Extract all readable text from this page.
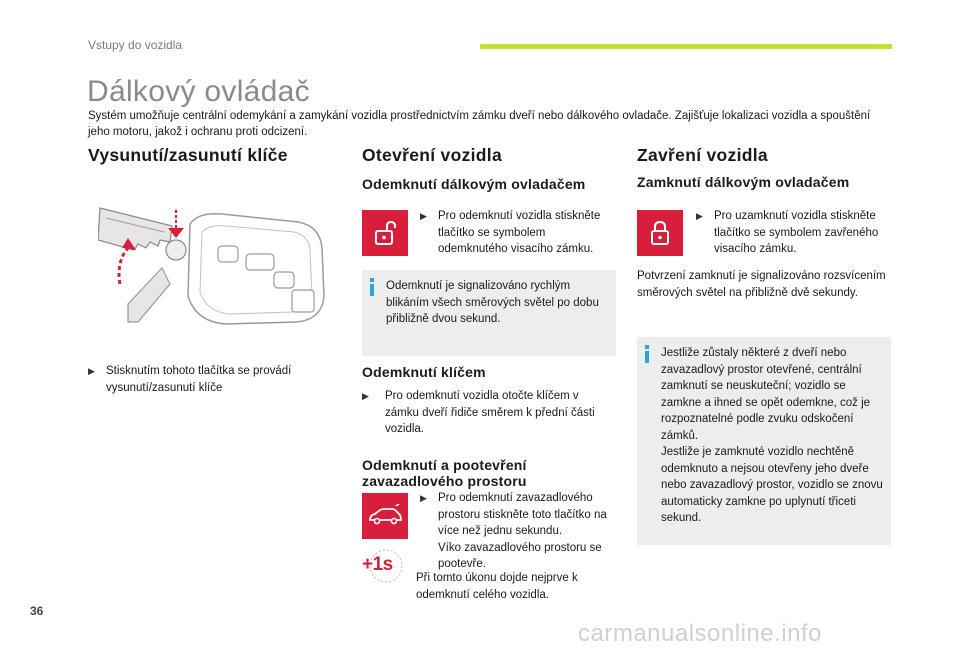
Vstupy do vozidla
Dálkový ovládač
Systém umožňuje centrální odemykání a zamykání vozidla prostřednictvím zámku dveří nebo dálkového ovladače. Zajišťuje lokalizaci vozidla a spouštění jeho motoru, jakož i ochranu proti odcizení.
Vysunutí/zasunutí klíče
▶ Stisknutím tohoto tlačítka se provádí vysunutí/zasunutí klíče
Otevření vozidla
Odemknutí dálkovým ovladačem
▶ Pro odemknutí vozidla stiskněte tlačítko se symbolem odemknutého visacího zámku.
Odemknutí je signalizováno rychlým blikáním všech směrových světel po dobu přibližně dvou sekund.
Odemknutí klíčem
▶	Pro odemknutí vozidla otočte klíčem v zámku dveří řidiče směrem k přední části vozidla.
Odemknutí a pootevření
zavazadlového prostoru
+1s
▶ Pro odemknutí zavazadlového prostoru stiskněte toto tlačítko na více než jednu sekundu.
Víko zavazadlového prostoru se pootevře.
Při tomto úkonu dojde nejprve k odemknutí celého vozidla.
Zavření vozidla
Zamknutí dálkovým ovladačem
▶ Pro uzamknutí vozidla stiskněte tlačítko se symbolem zavřeného visacího zámku.
Potvrzení zamknutí je signalizováno rozsvícením směrových světel na přibližně dvě sekundy.
Jestliže zůstaly některé z dveří nebo zavazadlový prostor otevřené, centrální zamknutí se neuskuteční; vozidlo se zamkne a ihned se opět odemkne, což je rozpoznatelné podle zvuku odskočení zámků.
Jestliže je zamknuté vozidlo nechtěně odemknuto a nejsou otevřeny jeho dveře nebo zavazadlový prostor, vozidlo se znovu automaticky zamkne po uplynutí třiceti sekund.
36
carmanualsonline.info
